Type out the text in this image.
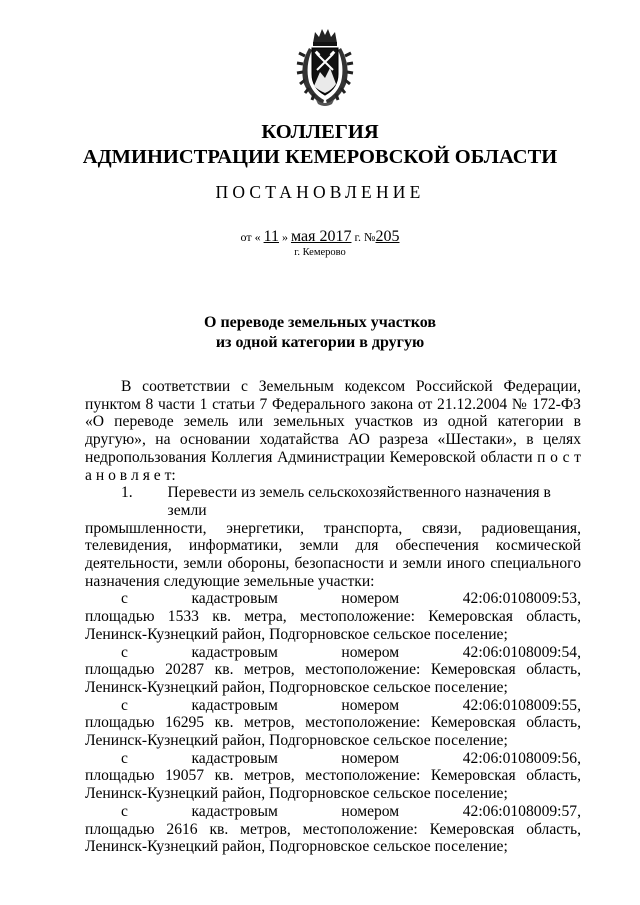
КОЛЛЕГИЯ
АДМИНИСТРАЦИИ КЕМЕРОВСКОЙ ОБЛАСТИ
ПОСТАНОВЛЕНИЕ
от « 11 » мая 2017 г. №205
г. Кемерово
О переводе земельных участков
из одной категории в другую

В соответствии с Земельным кодексом Российской Федерации, пунктом 8 части 1 статьи 7 Федерального закона от 21.12.2004 № 172-ФЗ «О переводе земель или земельных участков из одной категории в другую», на основании ходатайства АО разреза «Шестаки», в целях недропользования Коллегия Администрации Кемеровской области п о с т а н о в л я е т:

1.	Перевести из земель сельскохозяйственного назначения в земли

промышленности, энергетики, транспорта, связи, радиовещания, телевидения, информатики, земли для обеспечения космической деятельности, земли обороны, безопасности и земли иного специального назначения следующие земельные участки:

с	кадастровым	номером	42:06:0108009:53,

площадью 1533 кв. метра, местоположение: Кемеровская область, Ленинск-Кузнецкий район, Подгорновское сельское поселение;

с	кадастровым	номером	42:06:0108009:54,

площадью 20287 кв. метров, местоположение: Кемеровская область, Ленинск-Кузнецкий район, Подгорновское сельское поселение;

с	кадастровым	номером	42:06:0108009:55,

площадью 16295 кв. метров, местоположение: Кемеровская область, Ленинск-Кузнецкий район, Подгорновское сельское поселение;

с	кадастровым	номером	42:06:0108009:56,

площадью 19057 кв. метров, местоположение: Кемеровская область, Ленинск-Кузнецкий район, Подгорновское сельское поселение;

с	кадастровым	номером	42:06:0108009:57,

площадью 2616 кв. метров, местоположение: Кемеровская область, Ленинск-Кузнецкий район, Подгорновское сельское поселение;
